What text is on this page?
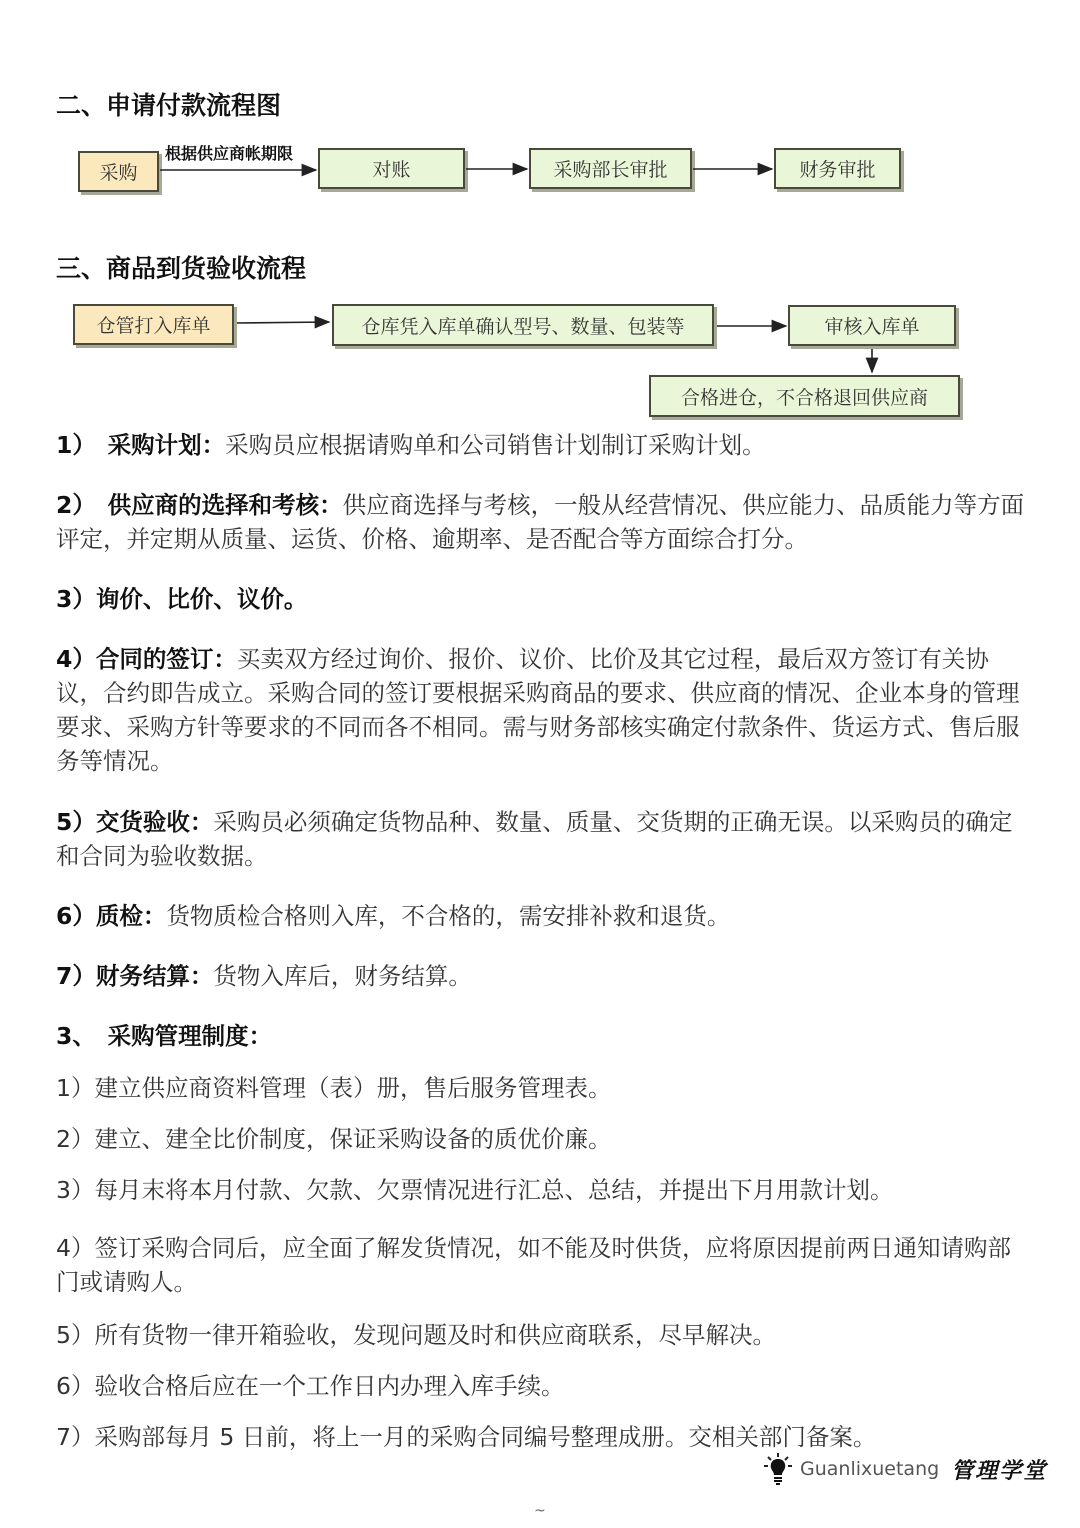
二、申请付款流程图
根据供应商帐期限
采购	对账	采购部长审批	财务审批
三、商品到货验收流程
仓管打入库单	仓库凭入库单确认型号、数量、包装等	审核入库单
合格进仓，不合格退回供应商
1）　采购计划：采购员应根据请购单和公司销售计划制订采购计划。
2）　供应商的选择和考核：供应商选择与考核，一般从经营情况、供应能力、品质能力等方面评定，并定期从质量、运货、价格、逾期率、是否配合等方面综合打分。
3）询价、比价、议价。
4）合同的签订：买卖双方经过询价、报价、议价、比价及其它过程，最后双方签订有关协议，合约即告成立。采购合同的签订要根据采购商品的要求、供应商的情况、企业本身的管理要求、采购方针等要求的不同而各不相同。需与财务部核实确定付款条件、货运方式、售后服务等情况。
5）交货验收：采购员必须确定货物品种、数量、质量、交货期的正确无误。以采购员的确定和合同为验收数据。
6）质检：货物质检合格则入库，不合格的，需安排补救和退货。
7）财务结算：货物入库后，财务结算。
3、　采购管理制度：
1）建立供应商资料管理（表）册，售后服务管理表。
2）建立、建全比价制度，保证采购设备的质优价廉。
3）每月末将本月付款、欠款、欠票情况进行汇总、总结，并提出下月用款计划。
4）签订采购合同后，应全面了解发货情况，如不能及时供货，应将原因提前两日通知请购部门或请购人。
5）所有货物一律开箱验收，发现问题及时和供应商联系，尽早解决。
6）验收合格后应在一个工作日内办理入库手续。
7）采购部每月 5 日前，将上一月的采购合同编号整理成册。交相关部门备案。
Guanlixuetang 管理学堂
~
